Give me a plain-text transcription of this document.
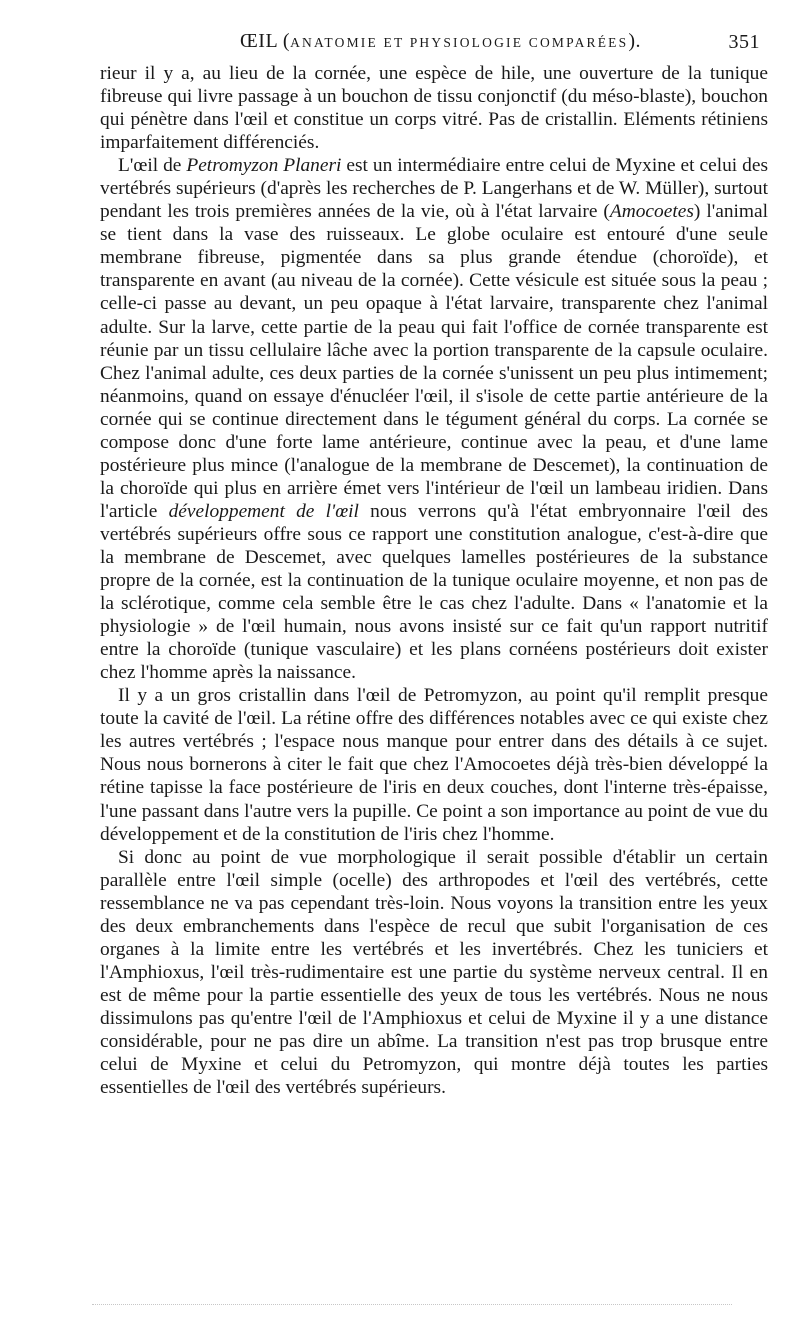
ŒIL (ANATOMIE ET PHYSIOLOGIE COMPARÉES).	351

rieur il y a, au lieu de la cornée, une espèce de hile, une ouverture de la tunique fibreuse qui livre passage à un bouchon de tissu conjonctif (du méso-blaste), bouchon qui pénètre dans l'œil et constitue un corps vitré. Pas de cristallin. Eléments rétiniens imparfaitement différenciés.

L'œil de Petromyzon Planeri est un intermédiaire entre celui de Myxine et celui des vertébrés supérieurs (d'après les recherches de P. Langerhans et de W. Müller), surtout pendant les trois premières années de la vie, où à l'état larvaire (Amocoetes) l'animal se tient dans la vase des ruisseaux. Le globe oculaire est entouré d'une seule membrane fibreuse, pigmentée dans sa plus grande étendue (choroïde), et transparente en avant (au niveau de la cornée). Cette vésicule est située sous la peau ; celle-ci passe au devant, un peu opaque à l'état larvaire, transparente chez l'animal adulte. Sur la larve, cette partie de la peau qui fait l'office de cornée transparente est réunie par un tissu cellulaire lâche avec la portion transparente de la capsule oculaire. Chez l'animal adulte, ces deux parties de la cornée s'unissent un peu plus intimement; néanmoins, quand on essaye d'énucléer l'œil, il s'isole de cette partie antérieure de la cornée qui se continue directement dans le tégument général du corps. La cornée se compose donc d'une forte lame antérieure, continue avec la peau, et d'une lame postérieure plus mince (l'analogue de la membrane de Descemet), la continuation de la choroïde qui plus en arrière émet vers l'intérieur de l'œil un lambeau iridien. Dans l'article développement de l'œil nous verrons qu'à l'état embryonnaire l'œil des vertébrés supérieurs offre sous ce rapport une constitution analogue, c'est-à-dire que la membrane de Descemet, avec quelques lamelles postérieures de la substance propre de la cornée, est la continuation de la tunique oculaire moyenne, et non pas de la sclérotique, comme cela semble être le cas chez l'adulte. Dans « l'anatomie et la physiologie » de l'œil humain, nous avons insisté sur ce fait qu'un rapport nutritif entre la choroïde (tunique vasculaire) et les plans cornéens postérieurs doit exister chez l'homme après la naissance.

Il y a un gros cristallin dans l'œil de Petromyzon, au point qu'il remplit presque toute la cavité de l'œil. La rétine offre des différences notables avec ce qui existe chez les autres vertébrés ; l'espace nous manque pour entrer dans des détails à ce sujet. Nous nous bornerons à citer le fait que chez l'Amocoetes déjà très-bien développé la rétine tapisse la face postérieure de l'iris en deux couches, dont l'interne très-épaisse, l'une passant dans l'autre vers la pupille. Ce point a son importance au point de vue du développement et de la constitution de l'iris chez l'homme.

Si donc au point de vue morphologique il serait possible d'établir un certain parallèle entre l'œil simple (ocelle) des arthropodes et l'œil des vertébrés, cette ressemblance ne va pas cependant très-loin. Nous voyons la transition entre les yeux des deux embranchements dans l'espèce de recul que subit l'organisation de ces organes à la limite entre les vertébrés et les invertébrés. Chez les tuniciers et l'Amphioxus, l'œil très-rudimentaire est une partie du système nerveux central. Il en est de même pour la partie essentielle des yeux de tous les vertébrés. Nous ne nous dissimulons pas qu'entre l'œil de l'Amphioxus et celui de Myxine il y a une distance considérable, pour ne pas dire un abîme. La transition n'est pas trop brusque entre celui de Myxine et celui du Petromyzon, qui montre déjà toutes les parties essentielles de l'œil des vertébrés supérieurs.
